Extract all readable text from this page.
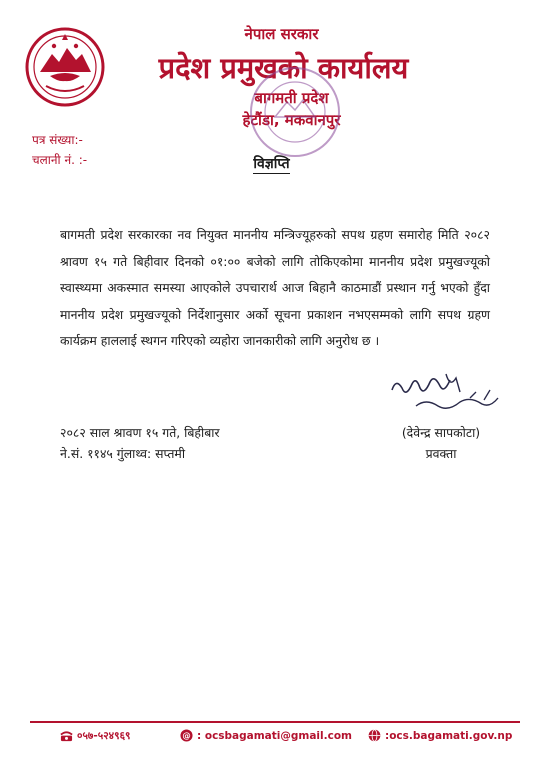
नेपाल सरकार
प्रदेश प्रमुखको कार्यालय
बागमती प्रदेश
हेटौंडा, मकवानपुर
पत्र संख्या:-
चलानी नं. :-	विज्ञप्ति
बागमती प्रदेश सरकारका नव नियुक्त माननीय मन्त्रिज्यूहरुको सपथ ग्रहण समारोह मिति २०८२ श्रावण १५ गते बिहीवार दिनको ०१:०० बजेको लागि तोकिएकोमा माननीय प्रदेश प्रमुखज्यूको स्वास्थ्यमा अकस्मात समस्या आएकोले उपचारार्थ आज बिहानै काठमाडौं प्रस्थान गर्नु भएको हुँदा माननीय प्रदेश प्रमुखज्यूको निर्देशानुसार अर्को सूचना प्रकाशन नभएसम्मको लागि सपथ ग्रहण कार्यक्रम हाललाई स्थगन गरिएको व्यहोरा जानकारीको लागि अनुरोध छ ।
२०८२ साल श्रावण १५ गते, बिहीबार
ने.सं. ११४५ गुंलाथ्व: सप्तमी
(देवेन्द्र सापकोटा)
प्रवक्ता
०५७-५२४९६९	@ : ocsbagamati@gmail.com	:ocs.bagamati.gov.np
